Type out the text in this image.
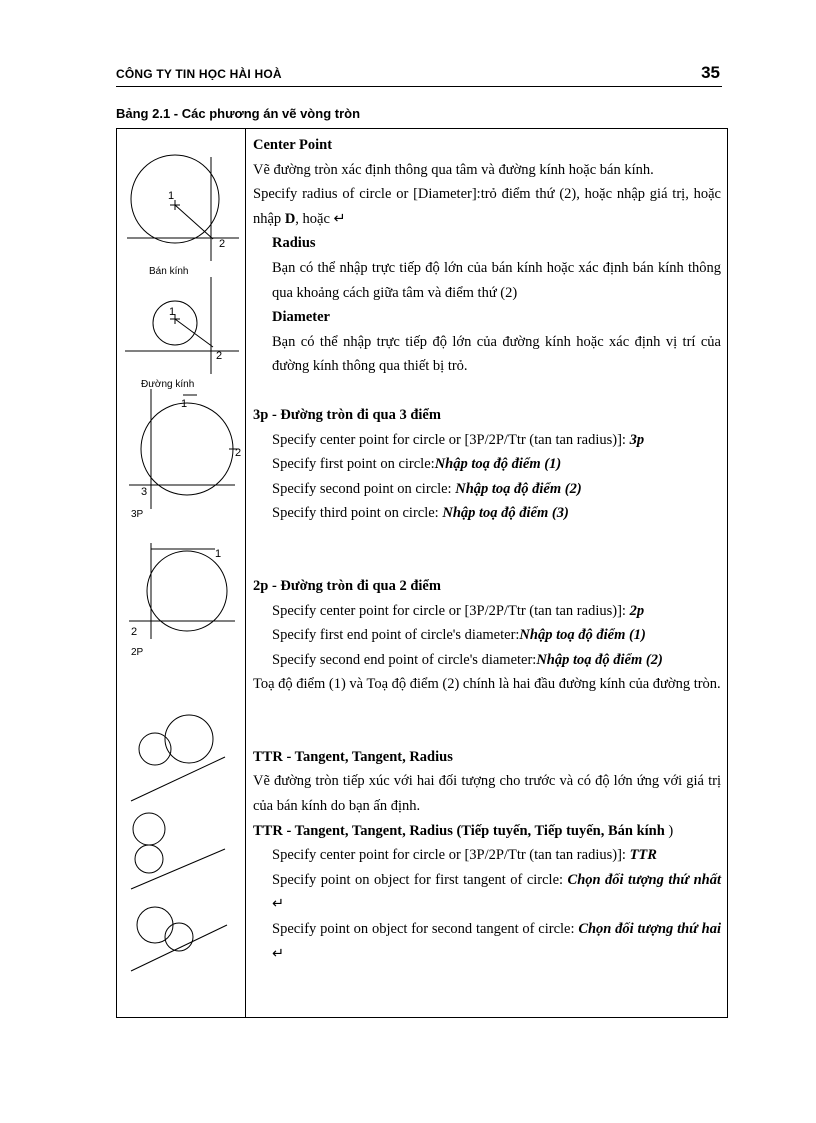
CÔNG TY TIN HỌC HÀI HOÀ	35
Bảng 2.1 - Các phương án vẽ vòng tròn
1
2
Bán kính
1
2
Đường kính
1
2
3
3P
1
2
2P

Center Point

Vẽ đường tròn xác định thông qua tâm và đường kính hoặc bán kính.

Specify radius of circle or [Diameter]:trỏ điểm thứ (2), hoặc nhập giá trị, hoặc nhập D, hoặc ↵

Radius

Bạn có thể nhập trực tiếp độ lớn của bán kính hoặc xác định bán kính thông qua khoảng cách giữa tâm và điểm thứ (2)

Diameter

Bạn có thể nhập trực tiếp độ lớn của đường kính hoặc xác định vị trí của đường kính thông qua thiết bị trỏ.

3p - Đường tròn đi qua 3 điểm

Specify center point for circle or [3P/2P/Ttr (tan tan radius)]: 3p

Specify first point on circle:Nhập toạ độ điểm (1)

Specify second point on circle: Nhập toạ độ điểm (2)

Specify third point on circle: Nhập toạ độ điểm (3)

2p - Đường tròn đi qua 2 điểm

Specify center point for circle or [3P/2P/Ttr (tan tan radius)]: 2p

Specify first end point of circle's diameter:Nhập toạ độ điểm (1)

Specify second end point of circle's diameter:Nhập toạ độ điểm (2)

Toạ độ điểm (1) và Toạ độ điểm (2) chính là hai đầu đường kính của đường tròn.

TTR - Tangent, Tangent, Radius

Vẽ đường tròn tiếp xúc với hai đối tượng cho trước và có độ lớn ứng với giá trị của bán kính do bạn ấn định.

TTR - Tangent, Tangent, Radius (Tiếp tuyến, Tiếp tuyến, Bán kính )

Specify center point for circle or [3P/2P/Ttr (tan tan radius)]: TTR

Specify point on object for first tangent of circle: Chọn đối tượng thứ nhất ↵

Specify point on object for second tangent of circle: Chọn đối tượng thứ hai ↵
